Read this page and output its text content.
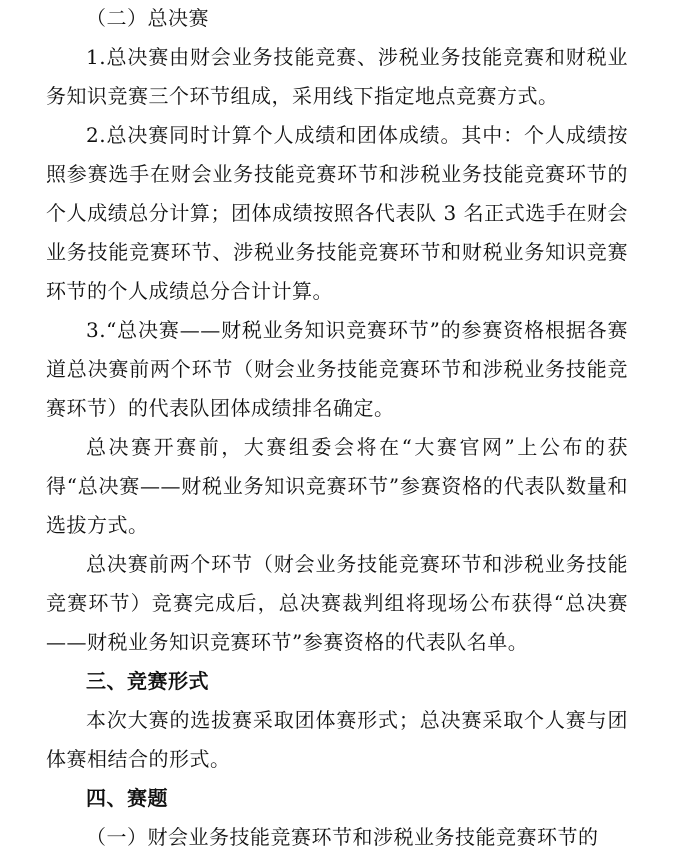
（二）总决赛

1.总决赛由财会业务技能竞赛、涉税业务技能竞赛和财税业务知识竞赛三个环节组成，采用线下指定地点竞赛方式。

2.总决赛同时计算个人成绩和团体成绩。其中：个人成绩按照参赛选手在财会业务技能竞赛环节和涉税业务技能竞赛环节的个人成绩总分计算；团体成绩按照各代表队 3 名正式选手在财会业务技能竞赛环节、涉税业务技能竞赛环节和财税业务知识竞赛环节的个人成绩总分合计计算。

3.“总决赛——财税业务知识竞赛环节”的参赛资格根据各赛道总决赛前两个环节（财会业务技能竞赛环节和涉税业务技能竞赛环节）的代表队团体成绩排名确定。

总决赛开赛前，大赛组委会将在“大赛官网”上公布的获得“总决赛——财税业务知识竞赛环节”参赛资格的代表队数量和选拔方式。

总决赛前两个环节（财会业务技能竞赛环节和涉税业务技能竞赛环节）竞赛完成后，总决赛裁判组将现场公布获得“总决赛——财税业务知识竞赛环节”参赛资格的代表队名单。

三、竞赛形式

本次大赛的选拔赛采取团体赛形式；总决赛采取个人赛与团体赛相结合的形式。

四、赛题

（一）财会业务技能竞赛环节和涉税业务技能竞赛环节的
